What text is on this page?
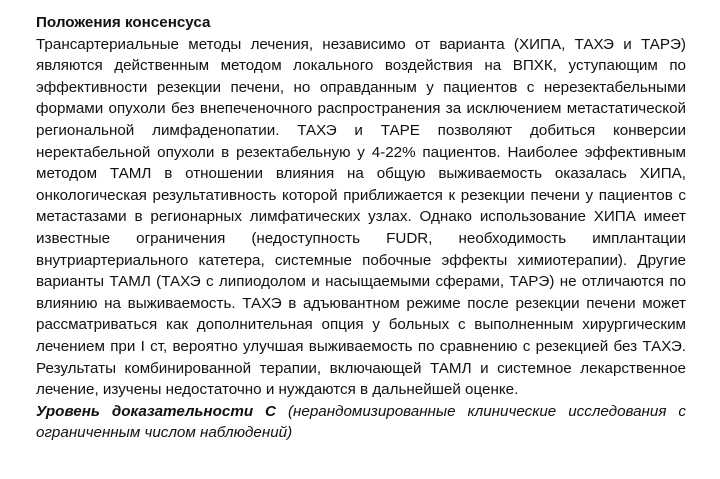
Положения консенсуса

Трансартериальные методы лечения, независимо от варианта (ХИПА, ТАХЭ и ТАРЭ) являются действенным методом локального воздействия на ВПХК, уступающим по эффективности резекции печени, но оправданным у пациентов с нерезектабельными формами опухоли без внепеченочного распространения за исключением метастатической региональной лимфаденопатии. ТАХЭ и ТАРЕ позволяют добиться конверсии неректабельной опухоли в резектабельную у 4-22% пациентов. Наиболее эффективным методом ТАМЛ в отношении влияния на общую выживаемость оказалась ХИПА, онкологическая результативность которой приближается к резекции печени у пациентов с метастазами в регионарных лимфатических узлах. Однако использование ХИПА имеет известные ограничения (недоступность FUDR, необходимость имплантации внутриартериального катетера, системные побочные эффекты химиотерапии). Другие варианты ТАМЛ (ТАХЭ с липиодолом и насыщаемыми сферами, ТАРЭ) не отличаются по влиянию на выживаемость. ТАХЭ в адъювантном режиме после резекции печени может рассматриваться как дополнительная опция у больных с выполненным хирургическим лечением при I ст, вероятно улучшая выживаемость по сравнению с резекцией без ТАХЭ. Результаты комбинированной терапии, включающей ТАМЛ и системное лекарственное лечение, изучены недостаточно и нуждаются в дальнейшей оценке.

Уровень доказательности С (нерандомизированные клинические исследования с ограниченным числом наблюдений)
